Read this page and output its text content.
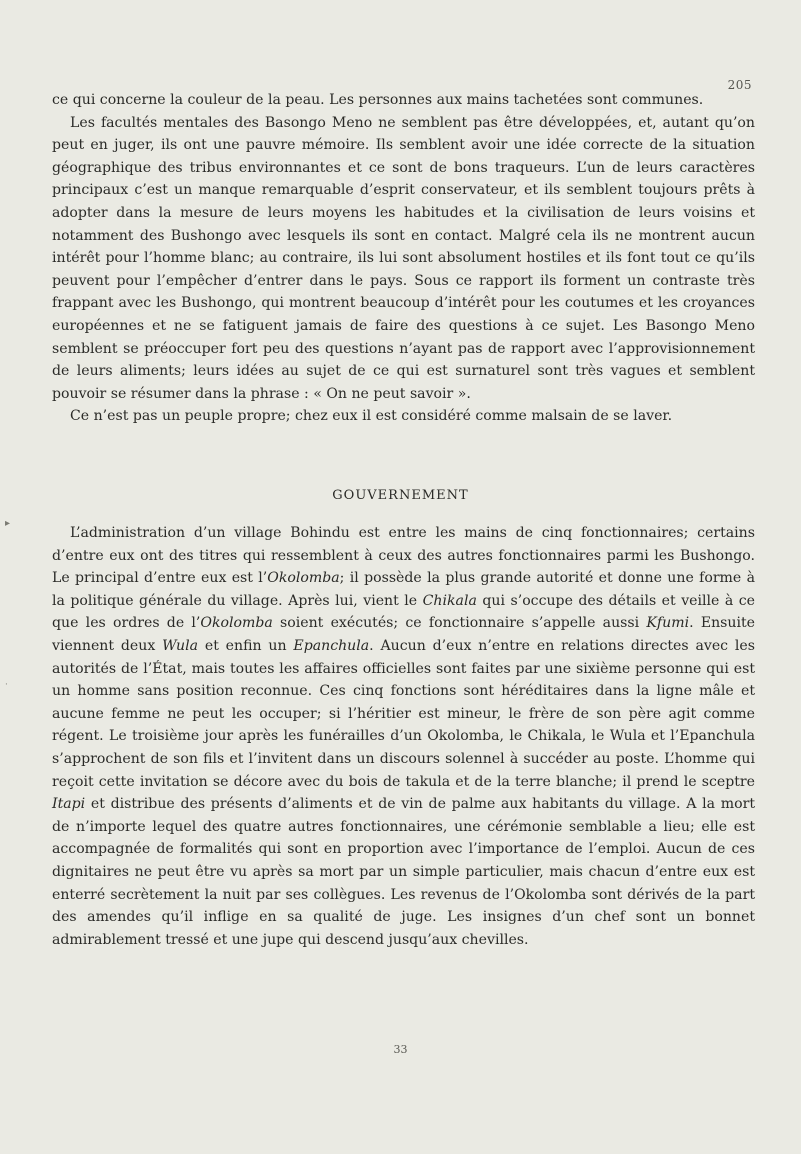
205

ce qui concerne la couleur de la peau. Les personnes aux mains tachetées sont communes.

Les facultés mentales des Basongo Meno ne semblent pas être développées, et, autant qu’on peut en juger, ils ont une pauvre mémoire. Ils semblent avoir une idée correcte de la situation géographique des tribus environnantes et ce sont de bons traqueurs. L’un de leurs caractères principaux c’est un manque remarquable d’esprit conservateur, et ils semblent toujours prêts à adopter dans la mesure de leurs moyens les habitudes et la civilisation de leurs voisins et notamment des Bushongo avec lesquels ils sont en contact. Malgré cela ils ne montrent aucun intérêt pour l’homme blanc; au contraire, ils lui sont absolument hostiles et ils font tout ce qu’ils peuvent pour l’empêcher d’entrer dans le pays. Sous ce rapport ils forment un contraste très frappant avec les Bushongo, qui montrent beaucoup d’intérêt pour les coutumes et les croyances européennes et ne se fatiguent jamais de faire des questions à ce sujet. Les Basongo Meno semblent se préoccuper fort peu des questions n’ayant pas de rapport avec l’approvisionnement de leurs aliments; leurs idées au sujet de ce qui est surnaturel sont très vagues et semblent pouvoir se résumer dans la phrase : « On ne peut savoir ».

Ce n’est pas un peuple propre; chez eux il est considéré comme malsain de se laver.

GOUVERNEMENT
▸
·

L’administration d’un village Bohindu est entre les mains de cinq fonctionnaires; certains d’entre eux ont des titres qui ressemblent à ceux des autres fonctionnaires parmi les Bushongo. Le principal d’entre eux est l’Okolomba; il possède la plus grande autorité et donne une forme à la politique générale du village. Après lui, vient le Chikala qui s’occupe des détails et veille à ce que les ordres de l’Okolomba soient exécutés; ce fonctionnaire s’appelle aussi Kfumi. Ensuite viennent deux Wula et enfin un Epanchula. Aucun d’eux n’entre en relations directes avec les autorités de l’État, mais toutes les affaires officielles sont faites par une sixième personne qui est un homme sans position reconnue. Ces cinq fonctions sont héréditaires dans la ligne mâle et aucune femme ne peut les occuper; si l’héritier est mineur, le frère de son père agit comme régent. Le troisième jour après les funérailles d’un Okolomba, le Chikala, le Wula et l’Epanchula s’approchent de son fils et l’invitent dans un discours solennel à succéder au poste. L’homme qui reçoit cette invitation se décore avec du bois de takula et de la terre blanche; il prend le sceptre Itapi et distribue des présents d’aliments et de vin de palme aux habitants du village. A la mort de n’importe lequel des quatre autres fonctionnaires, une cérémonie semblable a lieu; elle est accompagnée de formalités qui sont en proportion avec l’importance de l’emploi. Aucun de ces dignitaires ne peut être vu après sa mort par un simple particulier, mais chacun d’entre eux est enterré secrètement la nuit par ses collègues. Les revenus de l’Okolomba sont dérivés de la part des amendes qu’il inflige en sa qualité de juge. Les insignes d’un chef sont un bonnet admirablement tressé et une jupe qui descend jusqu’aux chevilles.

33
